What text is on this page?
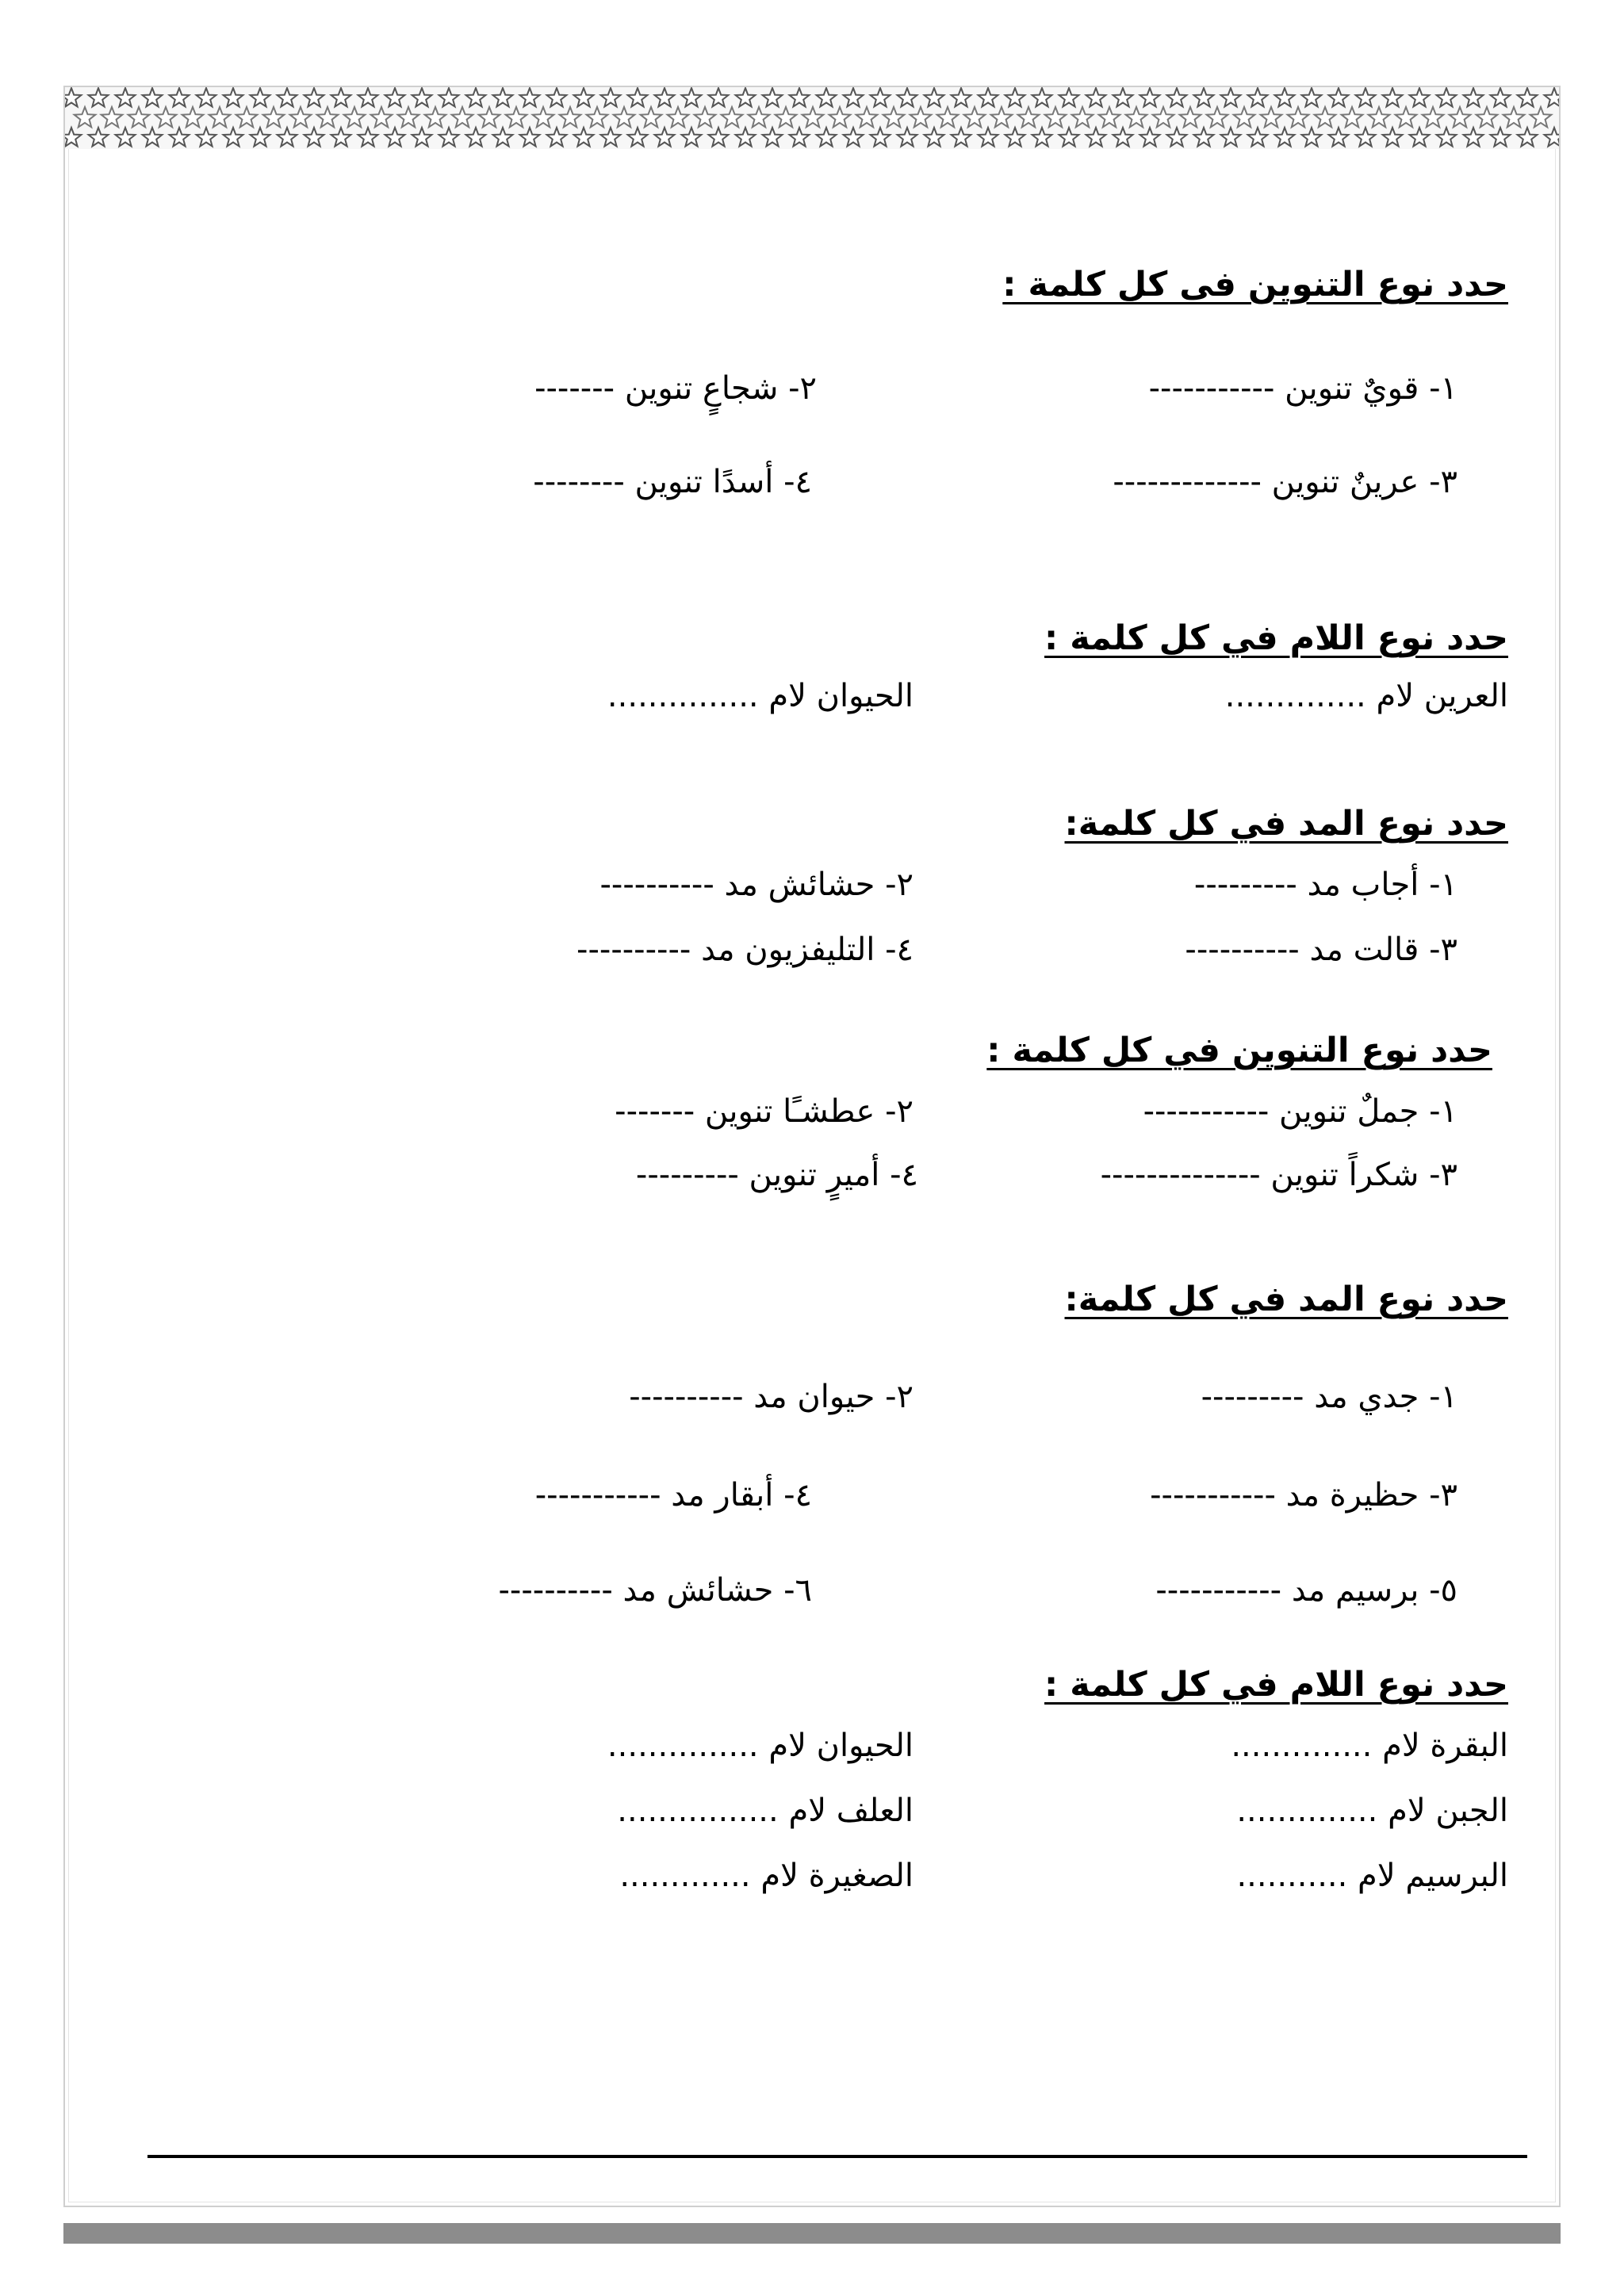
حدد نوع التنوين فى كل كلمة :
١- قويٌ تنوين -----------
٢- شجاعٍ تنوين -------
٣- عرينٌ تنوين -------------
٤- أسدًا تنوين --------
حدد نوع اللام في كل كلمة :
العرين لام ..............
الحيوان لام ...............
حدد نوع المد في كل كلمة:
١- أجاب مد ---------
٢- حشائش مد ----------
٣- قالت مد ----------
٤- التليفزيون مد ----------
حدد نوع التنوين في كل كلمة :
١- جملٌ تنوين -----------
٢- عطشـًا تنوين -------
٣- شكراً تنوين --------------
٤- أميرٍ تنوين ---------
حدد نوع المد في كل كلمة:
١- جدي مد ---------
٢- حيوان مد ----------
٣- حظيرة مد -----------
٤- أبقار مد -----------
٥- برسيم مد -----------
٦- حشائش مد ----------
حدد نوع اللام في كل كلمة :
البقرة لام ..............
الحيوان لام ...............
الجبن لام ..............
العلف لام ................
البرسيم لام ...........
الصغيرة لام .............
